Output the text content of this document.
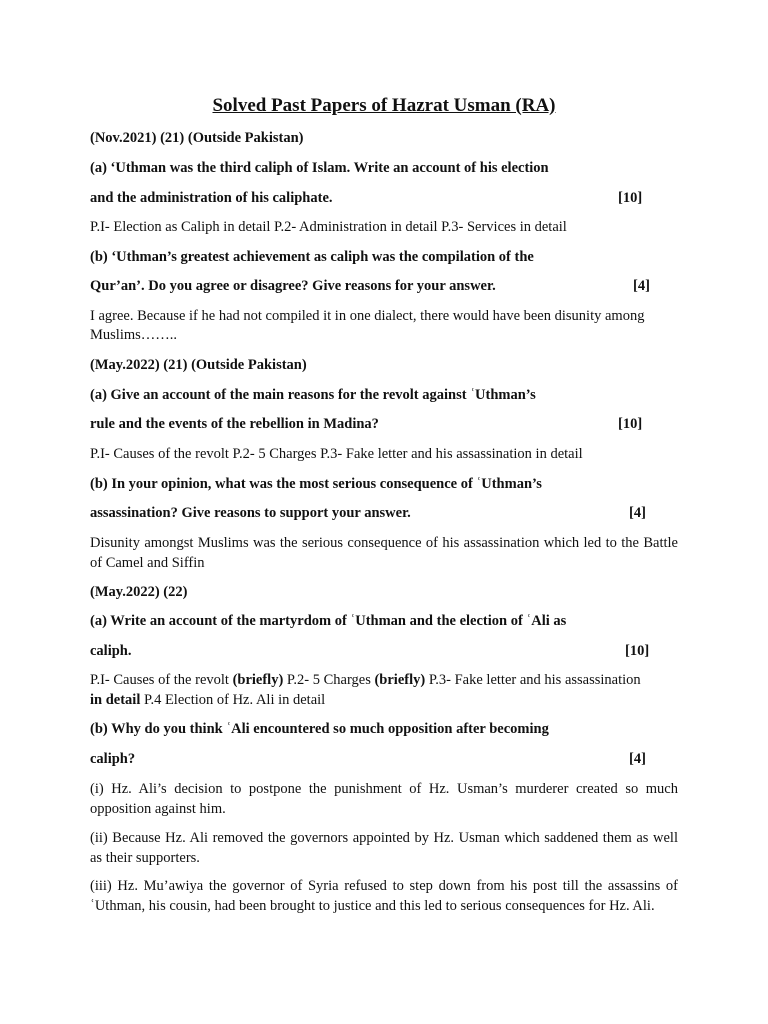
Solved Past Papers of Hazrat Usman (RA)
(Nov.2021) (21) (Outside Pakistan)
(a) ‘Uthman was the third caliph of Islam. Write an account of his election
and the administration of his caliphate.	[10]
P.I- Election as Caliph in detail P.2- Administration in detail P.3- Services in detail
(b) ‘Uthman’s greatest achievement as caliph was the compilation of the
Qur’an’. Do you agree or disagree? Give reasons for your answer.	[4]
I agree. Because if he had not compiled it in one dialect, there would have been disunity among
Muslims……..
(May.2022) (21) (Outside Pakistan)
(a) Give an account of the main reasons for the revolt against ʿUthman’s
rule and the events of the rebellion in Madina?	[10]
P.I- Causes of the revolt P.2- 5 Charges P.3- Fake letter and his assassination in detail
(b) In your opinion, what was the most serious consequence of ʿUthman’s
assassination? Give reasons to support your answer.	[4]
Disunity amongst Muslims was the serious consequence of his assassination which led to the Battle of Camel and Siffin
(May.2022) (22)
(a) Write an account of the martyrdom of ʿUthman and the election of ʿAli as
caliph.	[10]
P.I- Causes of the revolt (briefly) P.2- 5 Charges (briefly) P.3- Fake letter and his assassination
in detail P.4 Election of Hz. Ali in detail
(b) Why do you think ʿAli encountered so much opposition after becoming
caliph?	[4]
(i) Hz. Ali’s decision to postpone the punishment of Hz. Usman’s murderer created so much opposition against him.
(ii) Because Hz. Ali removed the governors appointed by Hz. Usman which saddened them as well as their supporters.
(iii) Hz. Mu’awiya the governor of Syria refused to step down from his post till the assassins of ʿUthman, his cousin, had been brought to justice and this led to serious consequences for Hz. Ali.
